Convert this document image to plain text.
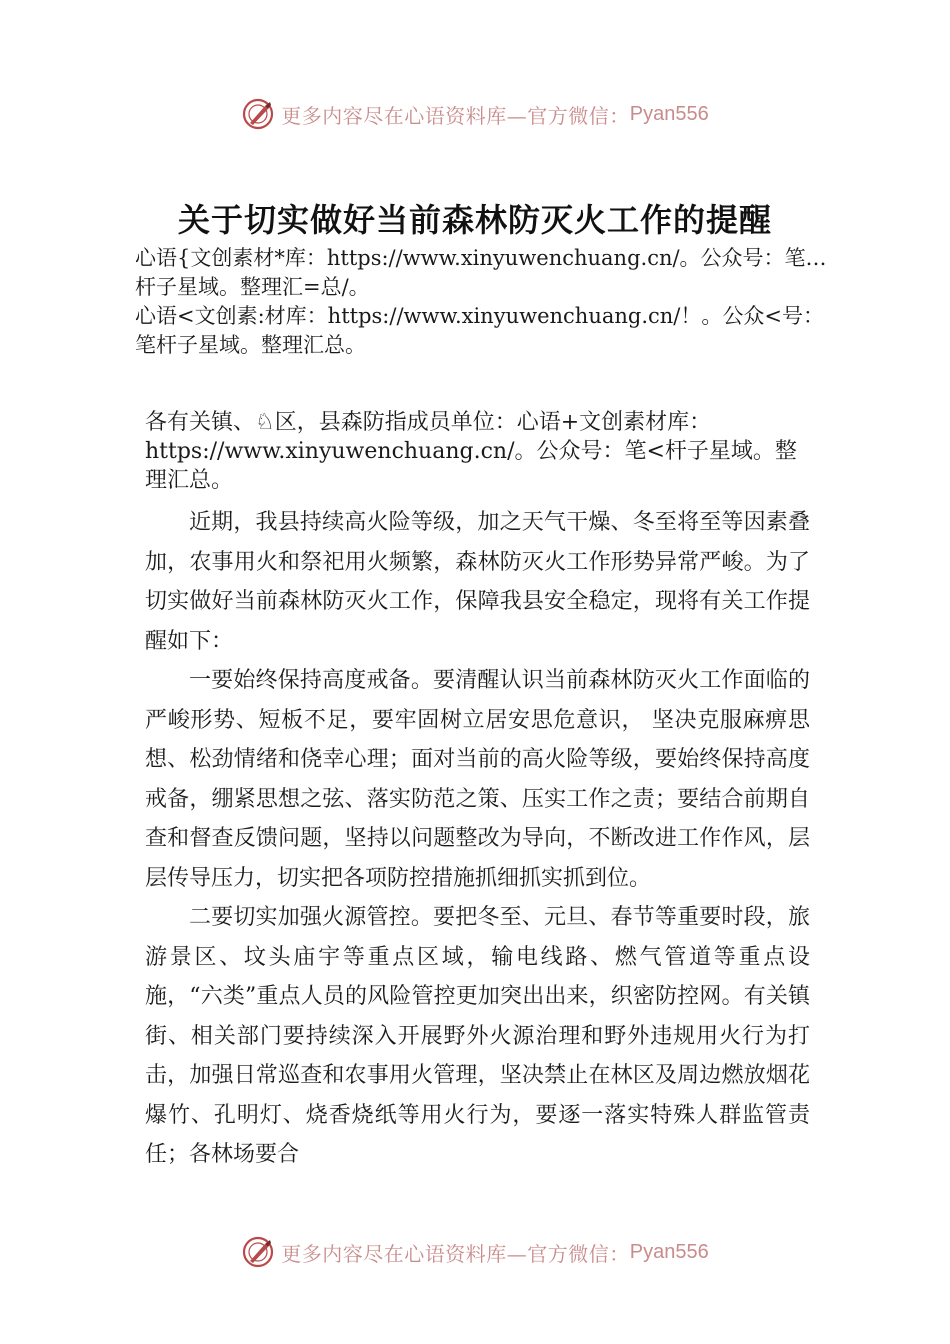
更多内容尽在心语资料库—官方微信： Pyan556
关于切实做好当前森林防灭火工作的提醒

心语{文创素材*库：https://www.xinyuwenchuang.cn/。公众号：笔…杆子星域。整理汇=总/。

心语<文创素:材库：https://www.xinyuwenchuang.cn/！。公众<号：笔杆子星域。整理汇总。

各有关镇、♘区，县森防指成员单位：心语+文创素材库：https://www.xinyuwenchuang.cn/。公众号：笔<杆子星域。整理汇总。

近期，我县持续高火险等级，加之天气干燥、冬至将至等因素叠加，农事用火和祭祀用火频繁，森林防灭火工作形势异常严峻。为了切实做好当前森林防灭火工作，保障我县安全稳定，现将有关工作提醒如下：

一要始终保持高度戒备。要清醒认识当前森林防灭火工作面临的严峻形势、短板不足，要牢固树立居安思危意识， 坚决克服麻痹思想、松劲情绪和侥幸心理；面对当前的高火险等级，要始终保持高度戒备，绷紧思想之弦、落实防范之策、压实工作之责；要结合前期自查和督查反馈问题，坚持以问题整改为导向，不断改进工作作风，层层传导压力，切实把各项防控措施抓细抓实抓到位。

二要切实加强火源管控。要把冬至、元旦、春节等重要时段，旅游景区、坟头庙宇等重点区域，输电线路、燃气管道等重点设施，“六类”重点人员的风险管控更加突出出来，织密防控网。有关镇街、相关部门要持续深入开展野外火源治理和野外违规用火行为打击，加强日常巡查和农事用火管理，坚决禁止在林区及周边燃放烟花爆竹、孔明灯、烧香烧纸等用火行为，要逐一落实特殊人群监管责任；各林场要合

更多内容尽在心语资料库—官方微信： Pyan556
